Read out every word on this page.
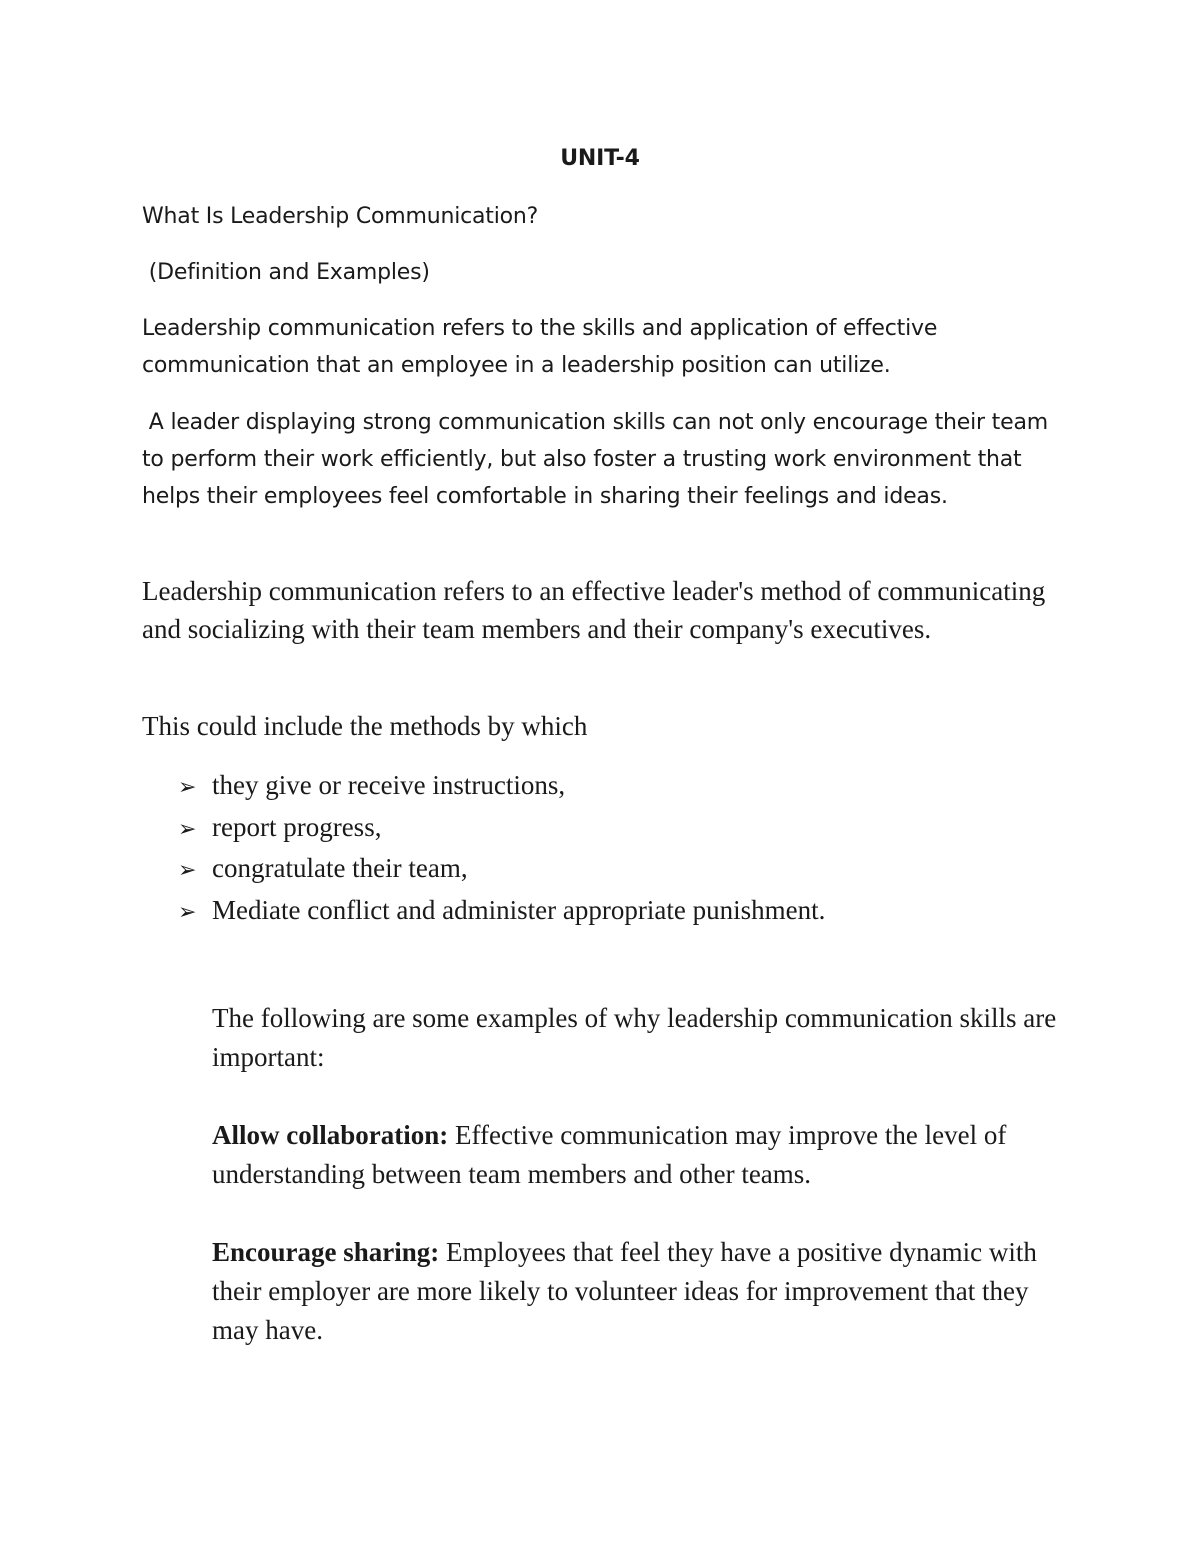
UNIT-4

What Is Leadership Communication?

(Definition and Examples)

Leadership communication refers to the skills and application of effective communication that an employee in a leadership position can utilize.

A leader displaying strong communication skills can not only encourage their team to perform their work efficiently, but also foster a trusting work environment that helps their employees feel comfortable in sharing their feelings and ideas.

Leadership communication refers to an effective leader's method of communicating and socializing with their team members and their company's executives.

This could include the methods by which

➢ they give or receive instructions,
➢ report progress,
➢ congratulate their team,
➢ Mediate conflict and administer appropriate punishment.

The following are some examples of why leadership communication skills are important:

Allow collaboration: Effective communication may improve the level of understanding between team members and other teams.

Encourage sharing: Employees that feel they have a positive dynamic with their employer are more likely to volunteer ideas for improvement that they may have.
